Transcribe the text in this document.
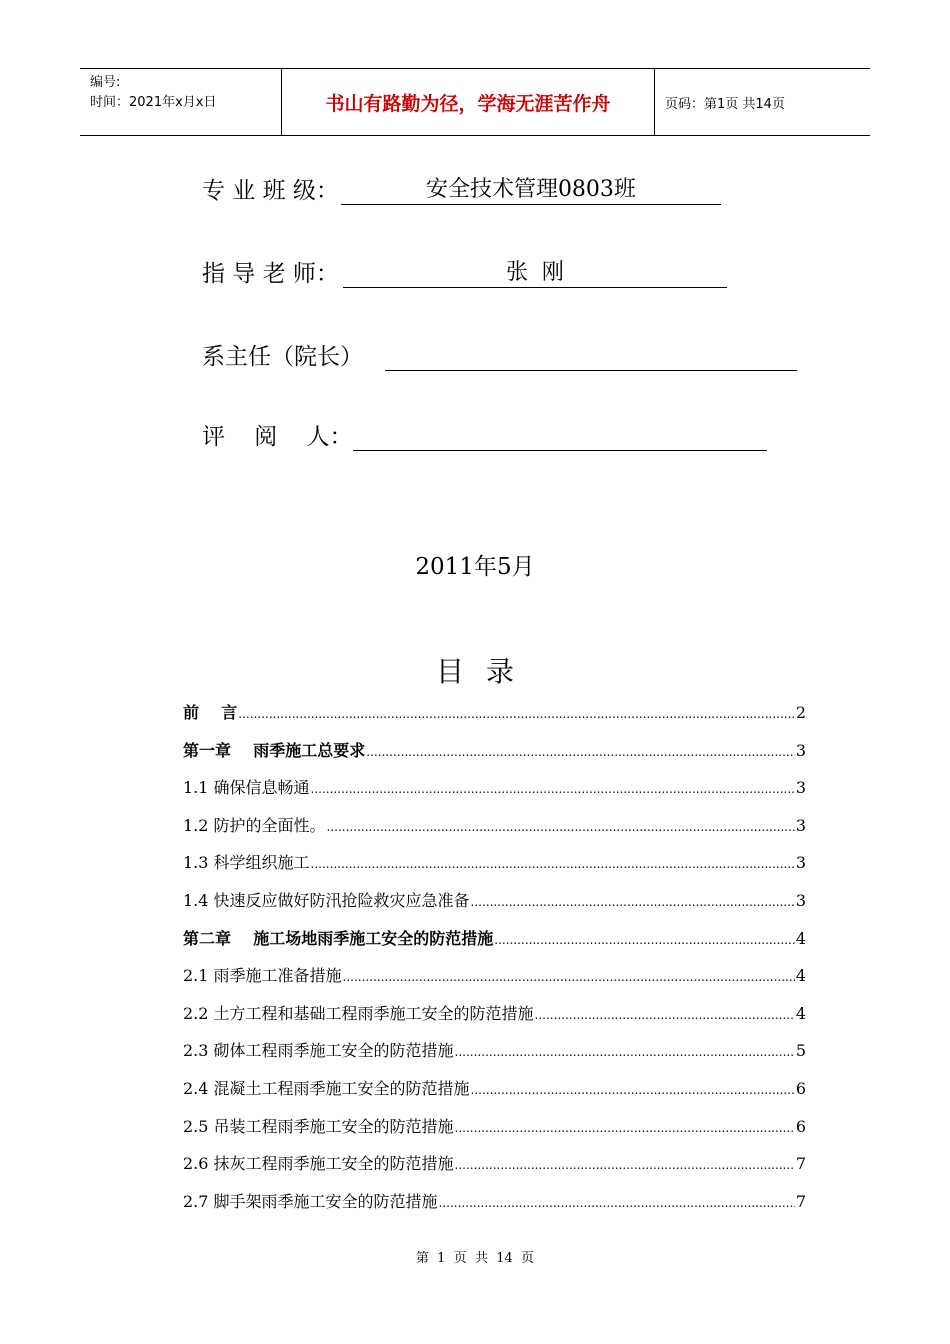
编号:
时间：2021年x月x日	书山有路勤为径，学海无涯苦作舟	页码：第1页 共14页
专 业 班 级：	安全技术管理0803班
指 导 老 师：	张  刚
系主任（院长）
评    阅    人：
2011年5月
目录
前    言 .....	2
第一章    雨季施工总要求 .....	3
1.1 确保信息畅通 .....	3
1.2 防护的全面性。 .....	3
1.3 科学组织施工 .....	3
1.4 快速反应做好防汛抢险救灾应急准备 .....	3
第二章    施工场地雨季施工安全的防范措施 .....	4
2.1 雨季施工准备措施 .....	4
2.2 土方工程和基础工程雨季施工安全的防范措施 .....	4
2.3 砌体工程雨季施工安全的防范措施 .....	5
2.4 混凝土工程雨季施工安全的防范措施 .....	6
2.5 吊装工程雨季施工安全的防范措施 .....	6
2.6 抹灰工程雨季施工安全的防范措施 .....	7
2.7 脚手架雨季施工安全的防范措施 .....	7
第  1  页  共  14  页
